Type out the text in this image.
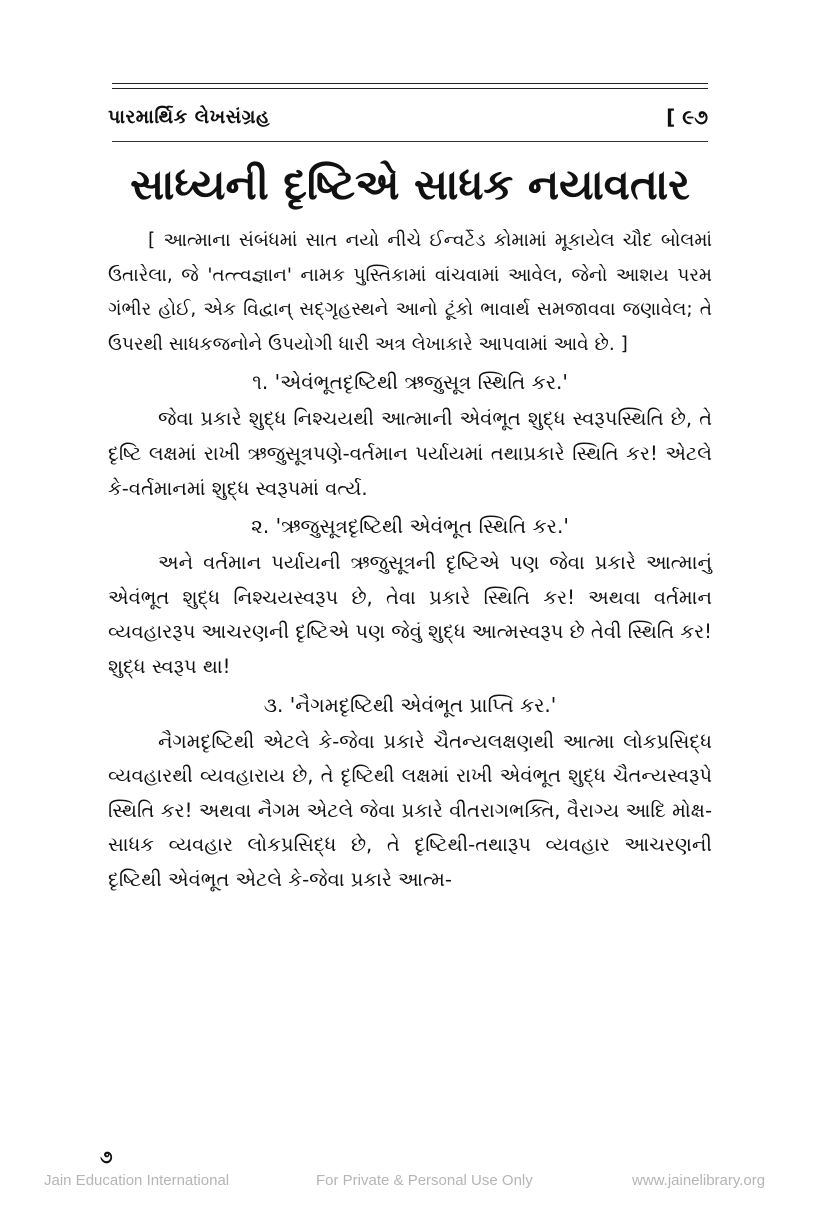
પારમાર્થિક લેખસંગ્રહ	[ ૯૭
સાધ્યની દૃષ્ટિએ સાધક નયાવતાર

[ આત્માના સંબંધમાં સાત નયો નીચે ઈન્વર્ટેડ કોમામાં મૂકાયેલ ચૌદ બોલમાં ઉતારેલા, જે 'તત્ત્વજ્ઞાન' નામક પુસ્તિકામાં વાંચવામાં આવેલ, જેનો આશય પરમ ગંભીર હોઈ, એક વિદ્વાન્ સદ્ગૃહસ્થને આનો ટૂંકો ભાવાર્થ સમજાવવા જણાવેલ; તે ઉપરથી સાધકજનોને ઉપયોગી ધારી અત્ર લેખાકારે આપવામાં આવે છે. ]

૧. 'એવંભૂતદૃષ્ટિથી ઋજુસૂત્ર સ્થિતિ કર.'

જેવા પ્રકારે શુદ્ધ નિશ્ચયથી આત્માની એવંભૂત શુદ્ધ સ્વરૂપસ્થિતિ છે, તે દૃષ્ટિ લક્ષમાં રાખી ઋજુસૂત્રપણે-વર્તમાન પર્યાયમાં તથાપ્રકારે સ્થિતિ કર! એટલે કે-વર્તમાનમાં શુદ્ધ સ્વરૂપમાં વર્ત્ય.

૨. 'ઋજુસૂત્રદૃષ્ટિથી એવંભૂત સ્થિતિ કર.'

અને વર્તમાન પર્યાયની ઋજુસૂત્રની દૃષ્ટિએ પણ જેવા પ્રકારે આત્માનું એવંભૂત શુદ્ધ નિશ્ચયસ્વરૂપ છે, તેવા પ્રકારે સ્થિતિ કર! અથવા વર્તમાન વ્યવહારરૂપ આચરણની દૃષ્ટિએ પણ જેવું શુદ્ધ આત્મસ્વરૂપ છે તેવી સ્થિતિ કર! શુદ્ધ સ્વરૂપ થા!

૩. 'નૈગમદૃષ્ટિથી એવંભૂત પ્રાપ્તિ કર.'

નૈગમદૃષ્ટિથી એટલે કે-જેવા પ્રકારે ચૈતન્યલક્ષણથી આત્મા લોકપ્રસિદ્ધ વ્યવહારથી વ્યવહારાય છે, તે દૃષ્ટિથી લક્ષમાં રાખી એવંભૂત શુદ્ધ ચૈતન્યસ્વરૂપે સ્થિતિ કર! અથવા નૈગમ એટલે જેવા પ્રકારે વીતરાગભક્તિ, વૈરાગ્ય આદિ મોક્ષ-સાધક વ્યવહાર લોકપ્રસિદ્ધ છે, તે દૃષ્ટિથી-તથારૂપ વ્યવહાર આચરણની દૃષ્ટિથી એવંભૂત એટલે કે-જેવા પ્રકારે આત્મ-

૭
Jain Education International	For Private & Personal Use Only	www.jainelibrary.org
